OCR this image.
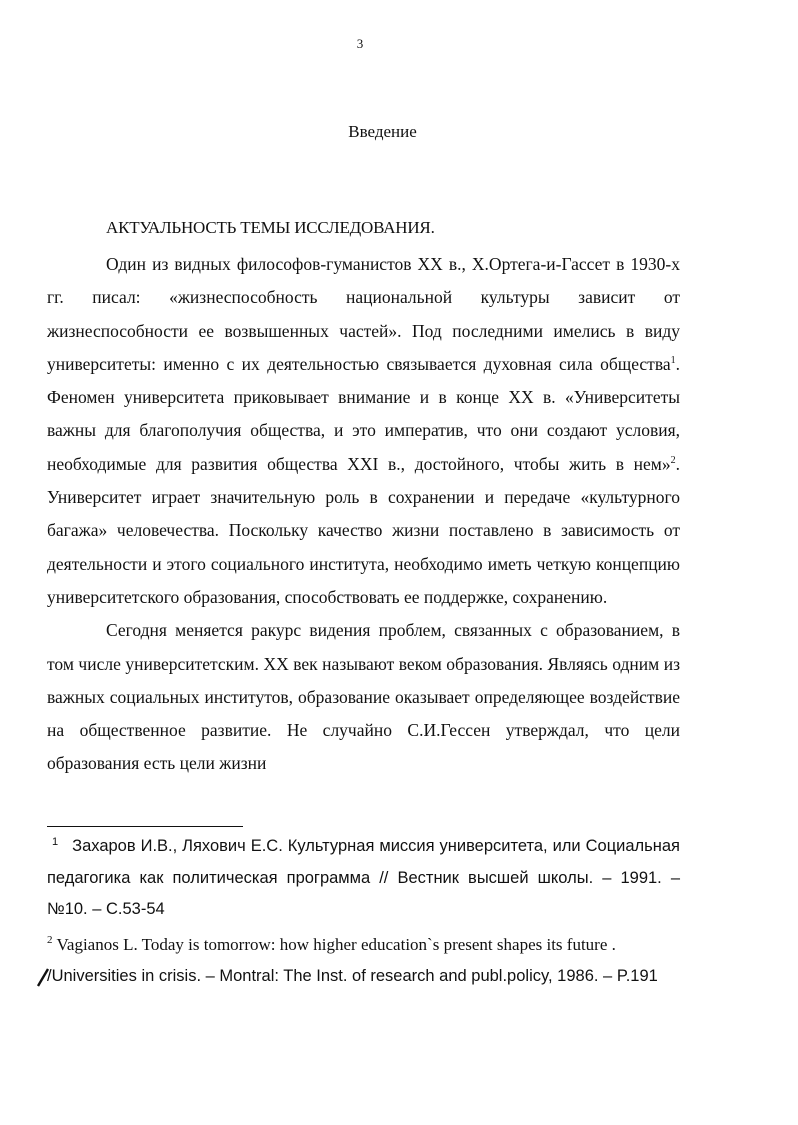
3
Введение
АКТУАЛЬНОСТЬ ТЕМЫ ИССЛЕДОВАНИЯ.

Один из видных философов-гуманистов XX в., Х.Ортега-и-Гассет в 1930-х гг. писал: «жизнеспособность национальной культуры зависит от жизнеспособности ее возвышенных частей». Под последними имелись в виду университеты: именно с их деятельностью связывается духовная сила общества$^1$. Феномен университета приковывает внимание и в конце XX в. «Университеты важны для благополучия общества, и это императив, что они создают условия, необходимые для развития общества XXI в., достойного, чтобы жить в нем»$^2$. Университет играет значительную роль в сохранении и передаче «культурного багажа» человечества. Поскольку качество жизни поставлено в зависимость от деятельности и этого социального института, необходимо иметь четкую концепцию университетского образования, способствовать ее поддержке, сохранению.

Сегодня меняется ракурс видения проблем, связанных с образованием, в том числе университетским. XX век называют веком образования. Являясь одним из важных социальных институтов, образование оказывает определяющее воздействие на общественное развитие. Не случайно С.И.Гессен утверждал, что цели образования есть цели жизни

$^1$ Захаров И.В., Ляхович Е.С. Культурная миссия университета, или Социальная педагогика как политическая программа // Вестник высшей школы. – 1991. – №10. – С.53-54

$^2$ Vagianos L. Today is tomorrow: how higher education`s present shapes its future .
/Universities in crisis. – Montral: The Inst. of research and publ.policy, 1986. – P.191
